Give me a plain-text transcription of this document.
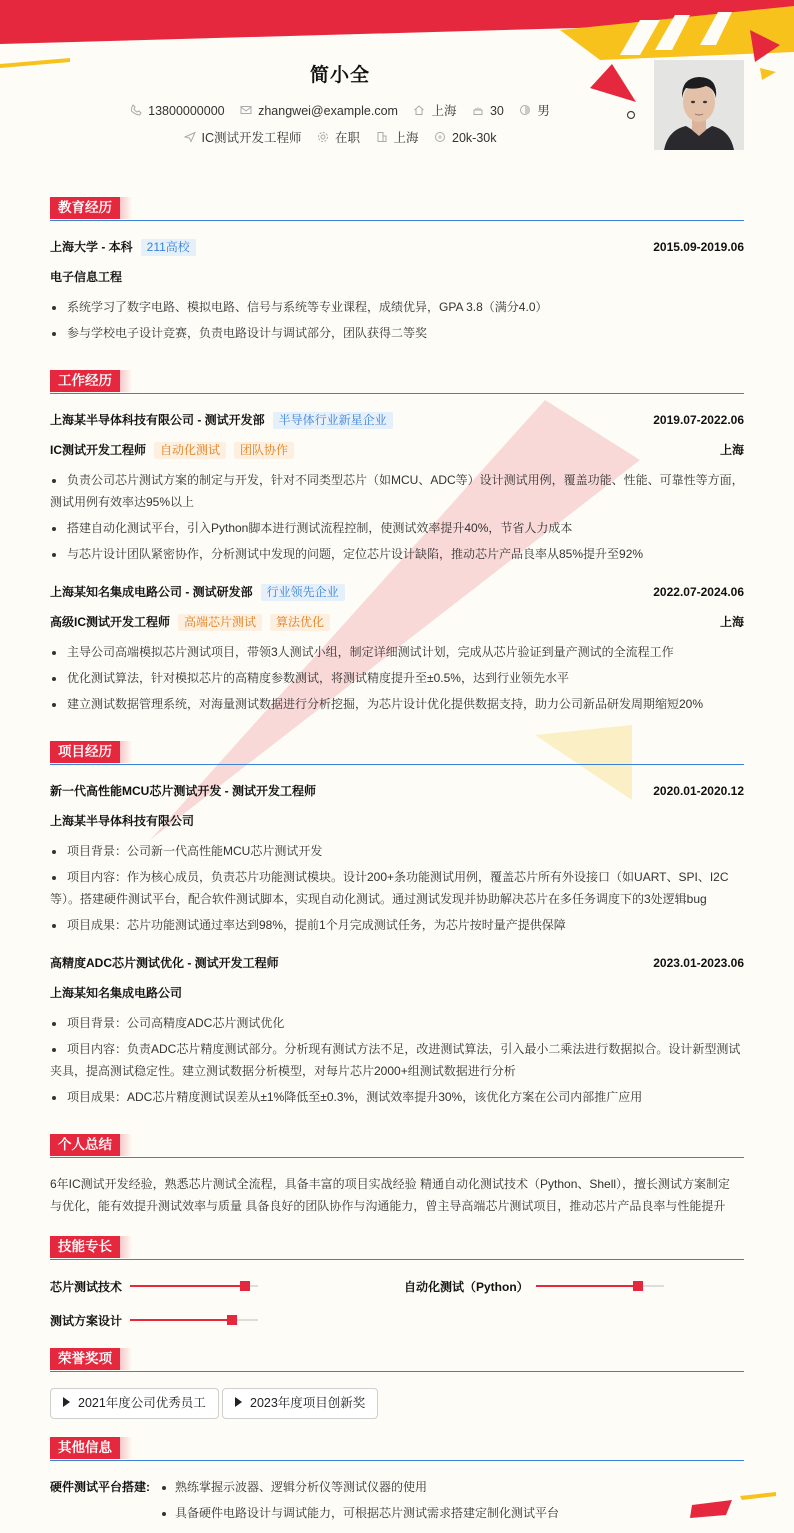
简小全
13800000000	zhangwei@example.com	上海	30	男
IC测试开发工程师	在职	上海	20k-30k
教育经历
上海大学 - 本科 211高校	2015.09-2019.06
电子信息工程
系统学习了数字电路、模拟电路、信号与系统等专业课程，成绩优异，GPA 3.8（满分4.0）
参与学校电子设计竞赛，负责电路设计与调试部分，团队获得二等奖
工作经历
上海某半导体科技有限公司 - 测试开发部 半导体行业新星企业	2019.07-2022.06
IC测试开发工程师 自动化测试 团队协作	上海
负责公司芯片测试方案的制定与开发，针对不同类型芯片（如MCU、ADC等）设计测试用例，覆盖功能、性能、可靠性等方面，
测试用例有效率达95%以上
搭建自动化测试平台，引入Python脚本进行测试流程控制，使测试效率提升40%，节省人力成本
与芯片设计团队紧密协作，分析测试中发现的问题，定位芯片设计缺陷，推动芯片产品良率从85%提升至92%
上海某知名集成电路公司 - 测试研发部 行业领先企业	2022.07-2024.06
高级IC测试开发工程师 高端芯片测试 算法优化	上海
主导公司高端模拟芯片测试项目，带领3人测试小组，制定详细测试计划，完成从芯片验证到量产测试的全流程工作
优化测试算法，针对模拟芯片的高精度参数测试，将测试精度提升至±0.5%，达到行业领先水平
建立测试数据管理系统，对海量测试数据进行分析挖掘，为芯片设计优化提供数据支持，助力公司新品研发周期缩短20%
项目经历
新一代高性能MCU芯片测试开发 - 测试开发工程师	2020.01-2020.12
上海某半导体科技有限公司
项目背景：公司新一代高性能MCU芯片测试开发
项目内容：作为核心成员，负责芯片功能测试模块。设计200+条功能测试用例，覆盖芯片所有外设接口（如UART、SPI、I2C
等）。搭建硬件测试平台，配合软件测试脚本，实现自动化测试。通过测试发现并协助解决芯片在多任务调度下的3处逻辑bug
项目成果：芯片功能测试通过率达到98%，提前1个月完成测试任务，为芯片按时量产提供保障
高精度ADC芯片测试优化 - 测试开发工程师	2023.01-2023.06
上海某知名集成电路公司
项目背景：公司高精度ADC芯片测试优化
项目内容：负责ADC芯片精度测试部分。分析现有测试方法不足，改进测试算法，引入最小二乘法进行数据拟合。设计新型测试
夹具，提高测试稳定性。建立测试数据分析模型，对每片芯片2000+组测试数据进行分析
项目成果：ADC芯片精度测试误差从±1%降低至±0.3%，测试效率提升30%，该优化方案在公司内部推广应用
个人总结
6年IC测试开发经验，熟悉芯片测试全流程，具备丰富的项目实战经验 精通自动化测试技术（Python、Shell），擅长测试方案制定
与优化，能有效提升测试效率与质量 具备良好的团队协作与沟通能力，曾主导高端芯片测试项目，推动芯片产品良率与性能提升
技能专长
芯片测试技术	自动化测试（Python）
测试方案设计
荣誉奖项
2021年度公司优秀员工	2023年度项目创新奖
其他信息
硬件测试平台搭建:	熟练掌握示波器、逻辑分析仪等测试仪器的使用
具备硬件电路设计与调试能力，可根据芯片测试需求搭建定制化测试平台
